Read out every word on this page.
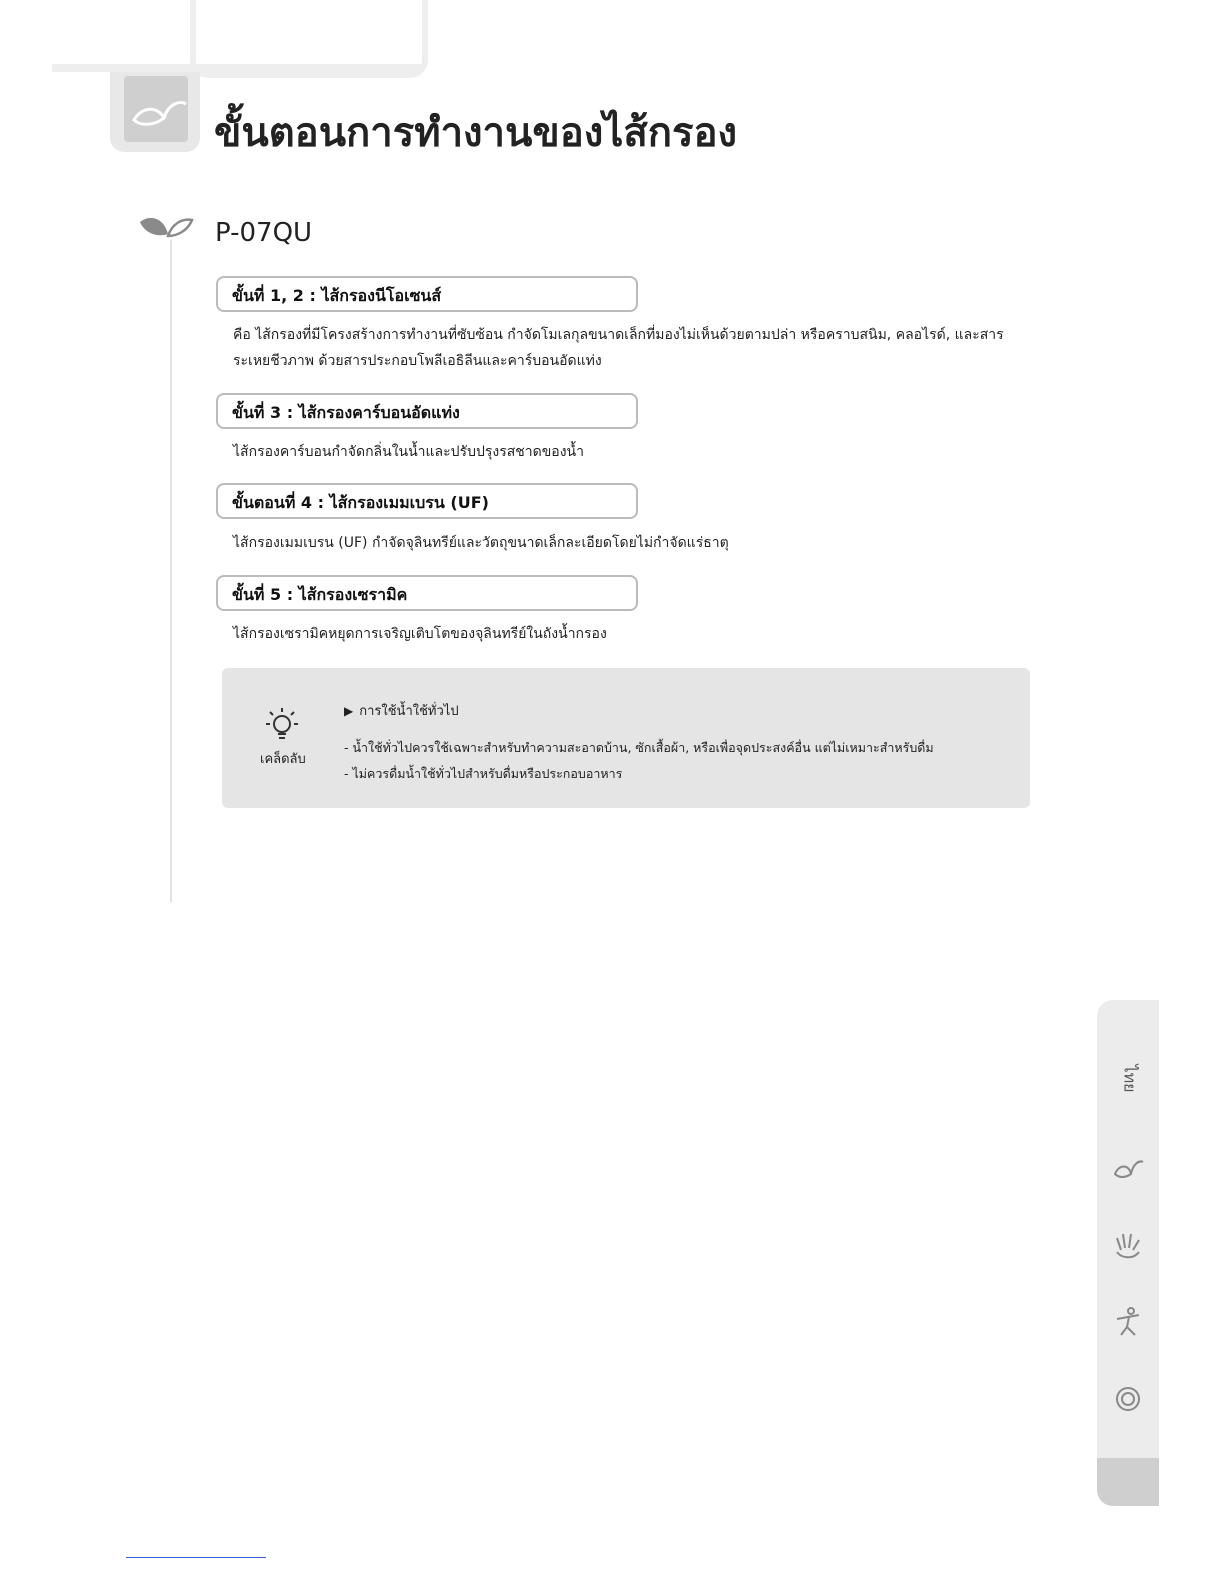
ขั้นตอนการทำงานของไส้กรอง
P-07QU
ขั้นที่ 1, 2 : ไส้กรองนีโอเซนส์
คือ ไส้กรองที่มีโครงสร้างการทำงานที่ซับซ้อน กำจัดโมเลกุลขนาดเล็กที่มองไม่เห็นด้วยตามปล่า หรือคราบสนิม, คลอไรด์, และสารระเหยชีวภาพ ด้วยสารประกอบโพลีเอธิลีนและคาร์บอนอัดแท่ง
ขั้นที่ 3 : ไส้กรองคาร์บอนอัดแท่ง
ไส้กรองคาร์บอนกำจัดกลิ่นในน้ำและปรับปรุงรสชาดของน้ำ
ขั้นตอนที่ 4 : ไส้กรองเมมเบรน (UF)
ไส้กรองเมมเบรน (UF) กำจัดจุลินทรีย์และวัตถุขนาดเล็กละเอียดโดยไม่กำจัดแร่ธาตุ
ขั้นที่ 5 : ไส้กรองเซรามิค
ไส้กรองเซรามิคหยุดการเจริญเติบโตของจุลินทรีย์ในถังน้ำกรอง
เคล็ดลับ
▶ การใช้น้ำใช้ทั่วไป
- น้ำใช้ทั่วไปควรใช้เฉพาะสำหรับทำความสะอาดบ้าน, ซักเสื้อผ้า, หรือเพื่อจุดประสงค์อื่น แต่ไม่เหมาะสำหรับดื่ม
- ไม่ควรดื่มน้ำใช้ทั่วไปสำหรับดื่มหรือประกอบอาหาร
ไทย
